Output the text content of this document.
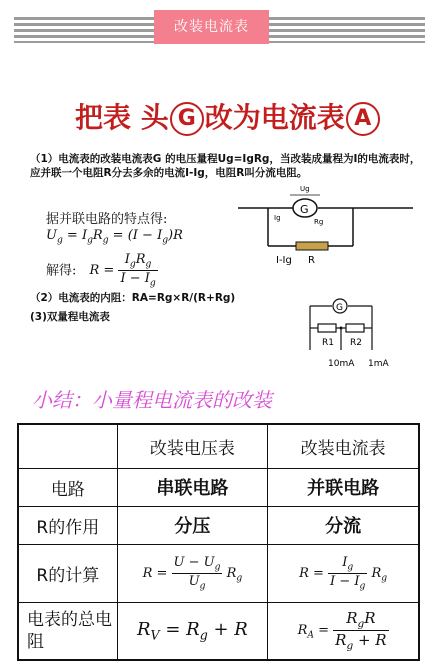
改装电流表
把表 头 G 改为电流表 A
（1）电流表的改装电流表G 的电压量程Ug=IgRg，当改装成量程为I的电流表时，应并联一个电阻R分去多余的电流I-Ig，电阻R叫分流电阻。
据并联电路的特点得:
$U_g = I_gR_g = (I - I_g)R$
解得: $R = \frac{I_gR_g}{I - I_g}$
G
Ug
Ig	Rg
I-Ig R
（2）电流表的内阻：RA=Rg×R/(R+Rg)
(3)双量程电流表
G
R1 R2
10mA 1mA
小结：小量程电流表的改装
	改装电压表	改装电流表
电路	串联电路	并联电路
R的作用	分压	分流
R的计算	$R = \frac{U - U_g}{U_g} R_g$	$R = \frac{I_g}{I - I_g} R_g$
电表的总电阻	$R_V = R_g + R$	$R_A = \frac{R_gR}{R_g + R}$
